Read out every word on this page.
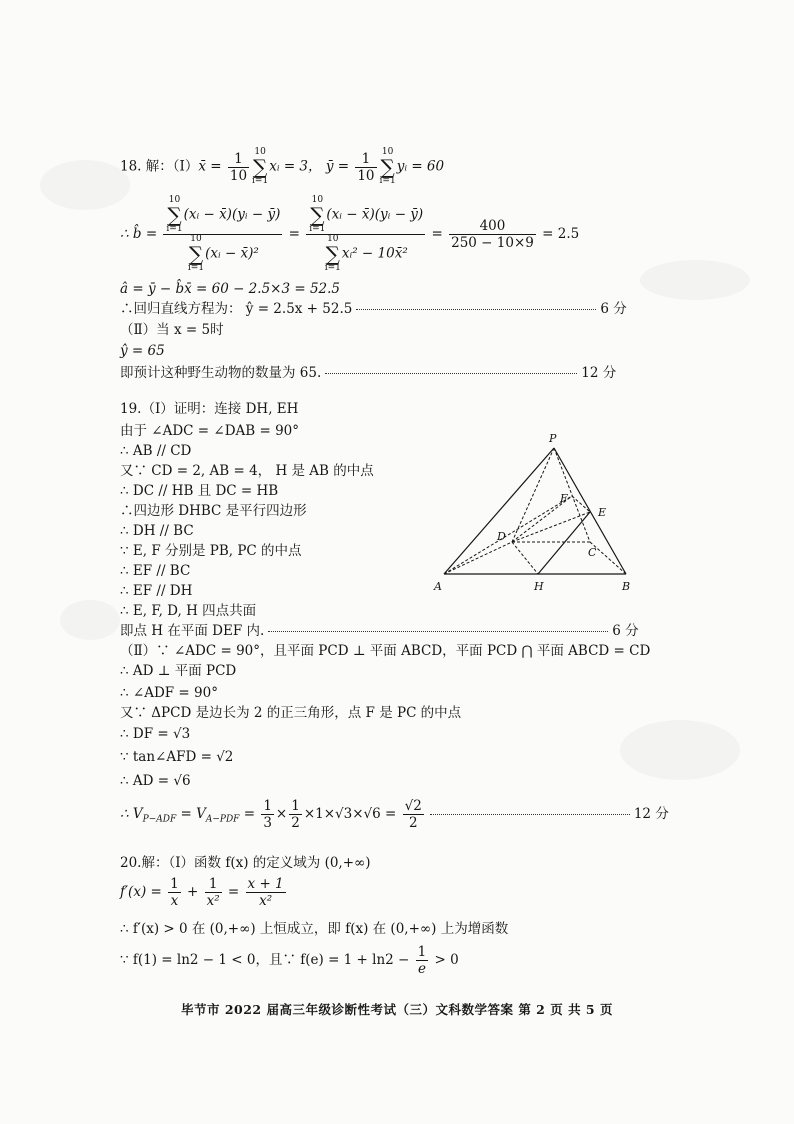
18. 解：（Ⅰ）x̄ = $\frac{1}{10} 10$
∑
i=1xᵢ = 3， ȳ = $\frac{1}{10} 10$
∑
i=1yᵢ = 60
∴ b̂ = 10
∑
i=1(xᵢ − x̄)(yᵢ − ȳ)
10
∑
i=1(xᵢ − x̄)² = 10
∑
i=1(xᵢ − x̄)(yᵢ − ȳ)
10
∑
i=1xᵢ² − 10x̄² = $\frac{400}{250 - 10\times 9} = 2.5$
â = ȳ − b̂x̄ = 60 − 2.5×3 = 52.5
∴回归直线方程为： ŷ = 2.5x + 52.5	6 分
（Ⅱ）当 x = 5时
ŷ = 65
即预计这种野生动物的数量为 65.	12 分
19.（Ⅰ）证明：连接 DH, EH
由于 ∠ADC = ∠DAB = 90°
∴ AB // CD
又∵ CD = 2, AB = 4， H 是 AB 的中点
∴ DC // HB 且 DC = HB
∴四边形 DHBC 是平行四边形
∴ DH // BC
∵ E, F 分别是 PB, PC 的中点
∴ EF // BC
∴ EF // DH
∴ E, F, D, H 四点共面
即点 H 在平面 DEF 内.	6 分
（Ⅱ）∵ ∠ADC = 90°，且平面 PCD ⊥ 平面 ABCD，平面 PCD ⋂ 平面 ABCD = CD
∴ AD ⊥ 平面 PCD
∴ ∠ADF = 90°
又∵ ΔPCD 是边长为 2 的正三角形，点 F 是 PC 的中点
∴ DF = √3
∵ tan∠AFD = √2
∴ AD = √6
∴ $V_{P-ADF} = V_{A-PDF} = \frac{1}{3} \times \frac{1}{2} \times 1\times√3\times√6 = \frac{√2}{2}$	12 分
P
A	B
C
D
E
F
H
20.解：（Ⅰ）函数 f(x) 的定义域为 (0,+∞)
$f'(x) = \frac{1}{x} + \frac{1}{\text{x²}} = \frac{x + 1}{\text{x²}}$
∴ f′(x) > 0 在 (0,+∞) 上恒成立，即 f(x) 在 (0,+∞) 上为增函数
∵ f(1) = ln2 − 1 < 0，且∵ $f(e) = 1 + \ln 2 - \frac{1}{e} > 0$
毕节市 2022 届高三年级诊断性考试（三）文科数学答案 第 2 页 共 5 页
